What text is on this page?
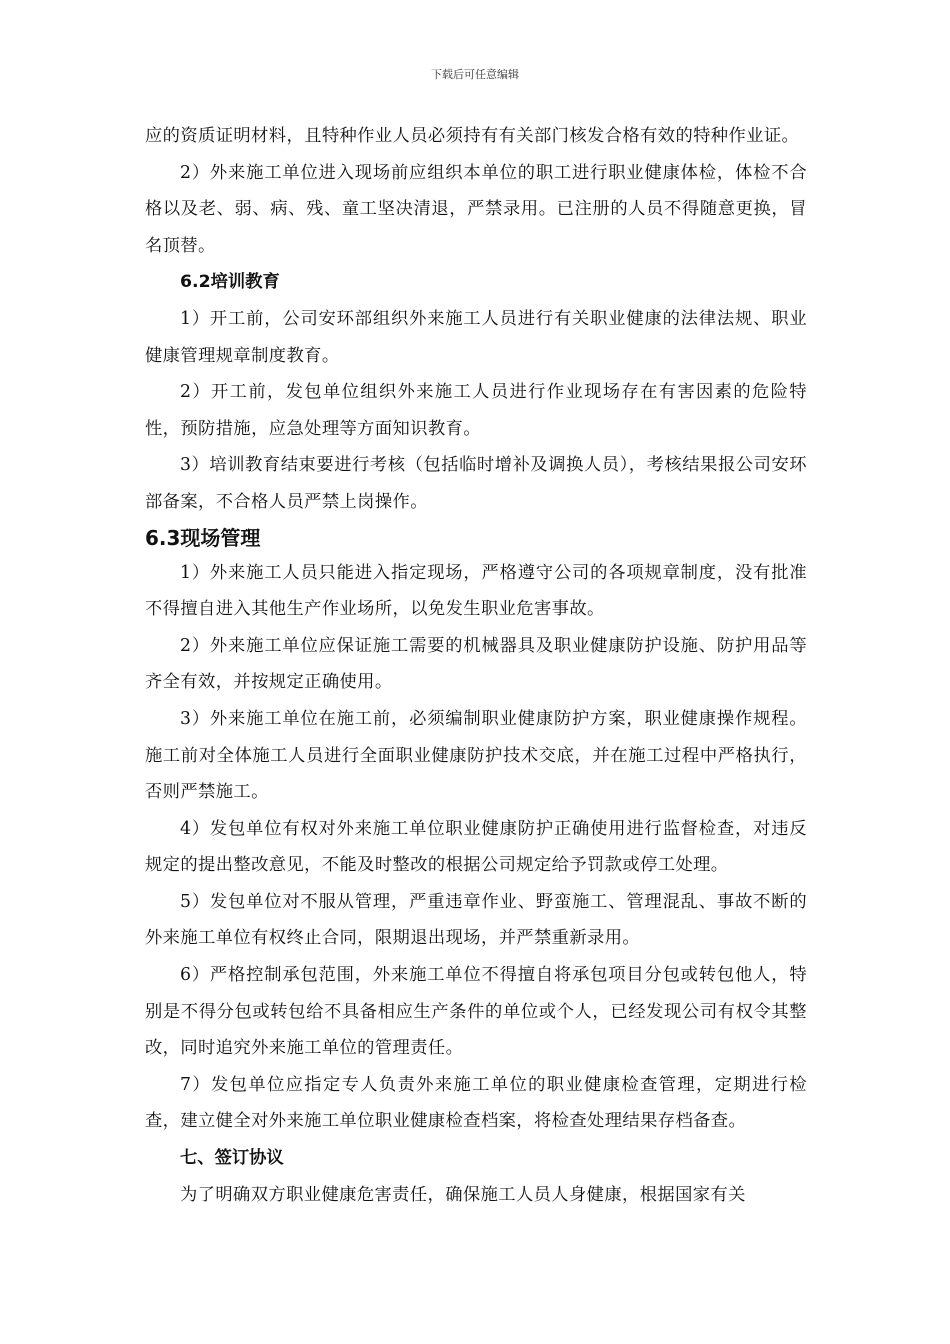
下载后可任意编辑

应的资质证明材料，且特种作业人员必须持有有关部门核发合格有效的特种作业证。

2）外来施工单位进入现场前应组织本单位的职工进行职业健康体检，体检不合格以及老、弱、病、残、童工坚决清退，严禁录用。已注册的人员不得随意更换，冒名顶替。

6.2培训教育

1）开工前，公司安环部组织外来施工人员进行有关职业健康的法律法规、职业健康管理规章制度教育。

2）开工前，发包单位组织外来施工人员进行作业现场存在有害因素的危险特性，预防措施，应急处理等方面知识教育。

3）培训教育结束要进行考核（包括临时增补及调换人员），考核结果报公司安环部备案，不合格人员严禁上岗操作。

6.3现场管理

1）外来施工人员只能进入指定现场，严格遵守公司的各项规章制度，没有批准不得擅自进入其他生产作业场所，以免发生职业危害事故。

2）外来施工单位应保证施工需要的机械器具及职业健康防护设施、防护用品等齐全有效，并按规定正确使用。

3）外来施工单位在施工前，必须编制职业健康防护方案，职业健康操作规程。施工前对全体施工人员进行全面职业健康防护技术交底，并在施工过程中严格执行，否则严禁施工。

4）发包单位有权对外来施工单位职业健康防护正确使用进行监督检查，对违反规定的提出整改意见，不能及时整改的根据公司规定给予罚款或停工处理。

5）发包单位对不服从管理，严重违章作业、野蛮施工、管理混乱、事故不断的外来施工单位有权终止合同，限期退出现场，并严禁重新录用。

6）严格控制承包范围，外来施工单位不得擅自将承包项目分包或转包他人，特别是不得分包或转包给不具备相应生产条件的单位或个人，已经发现公司有权令其整改，同时追究外来施工单位的管理责任。

7）发包单位应指定专人负责外来施工单位的职业健康检查管理，定期进行检查，建立健全对外来施工单位职业健康检查档案，将检查处理结果存档备查。

七、签订协议

为了明确双方职业健康危害责任，确保施工人员人身健康，根据国家有关
